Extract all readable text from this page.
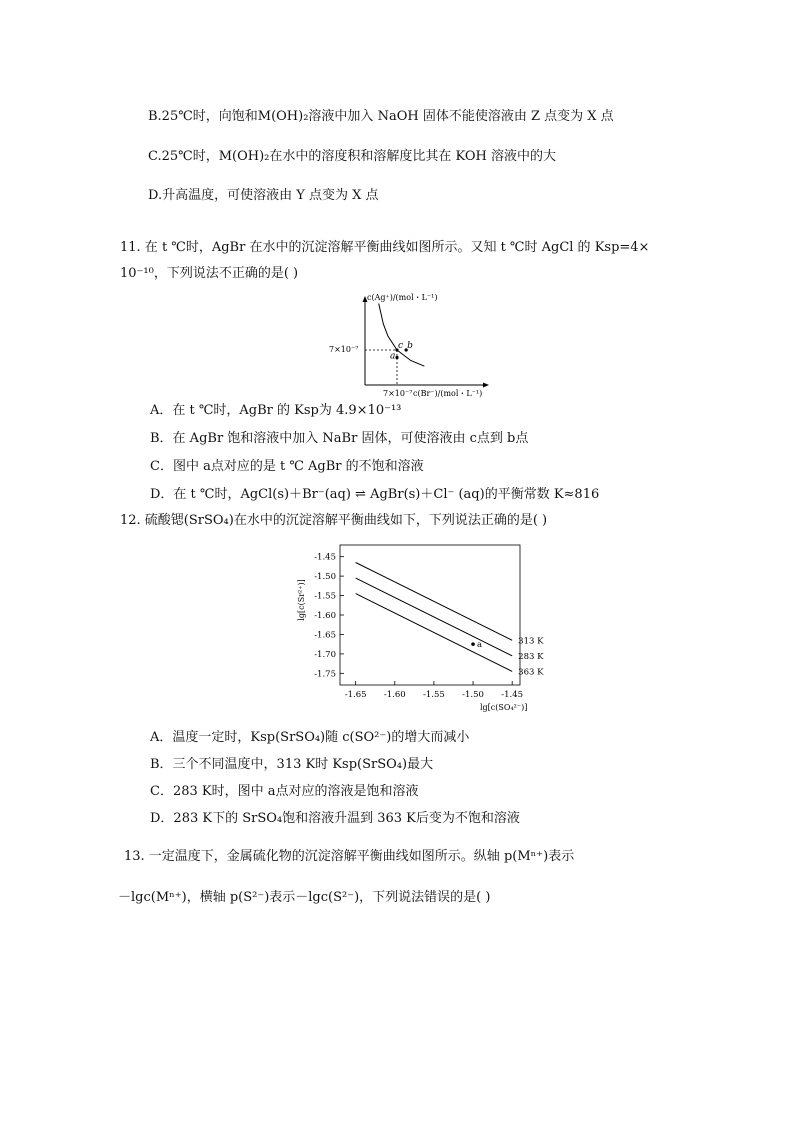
B.25℃时，向饱和M(OH)₂溶液中加入 NaOH 固体不能使溶液由 Z 点变为 X 点
C.25℃时，M(OH)₂在水中的溶度积和溶解度比其在 KOH 溶液中的大
D.升高温度，可使溶液由 Y 点变为 X 点
11. 在 t ℃时，AgBr 在水中的沉淀溶解平衡曲线如图所示。又知 t ℃时 AgCl 的 Ksp=4×
10⁻¹⁰，下列说法不正确的是( )
c(Ag⁺)/(mol・L⁻¹)
7×10⁻⁷
7×10⁻⁷ c(Br⁻)/(mol・L⁻¹)
a
b
c
A．在 t ℃时，AgBr 的 Ksp为 4.9×10⁻¹³
B．在 AgBr 饱和溶液中加入 NaBr 固体，可使溶液由 c点到 b点
C．图中 a点对应的是 t ℃ AgBr 的不饱和溶液
D．在 t ℃时，AgCl(s)＋Br⁻(aq) ⇌ AgBr(s)＋Cl⁻ (aq)的平衡常数 K≈816
12. 硫酸锶(SrSO₄)在水中的沉淀溶解平衡曲线如下，下列说法正确的是( )
lg[c(Sr²⁺)]
lg[c(SO₄²⁻)]
-1.45
-1.50
-1.55
-1.60
-1.65
-1.70
-1.75
-1.65 -1.60 -1.55 -1.50 -1.45
313 K
283 K
363 K
a
A．温度一定时，Ksp(SrSO₄)随 c(SO²⁻)的增大而减小
B．三个不同温度中，313 K时 Ksp(SrSO₄)最大
C．283 K时，图中 a点对应的溶液是饱和溶液
D．283 K下的 SrSO₄饱和溶液升温到 363 K后变为不饱和溶液
13. 一定温度下，金属硫化物的沉淀溶解平衡曲线如图所示。纵轴 p(Mⁿ⁺)表示
－lgc(Mⁿ⁺)，横轴 p(S²⁻)表示－lgc(S²⁻)，下列说法错误的是( )
